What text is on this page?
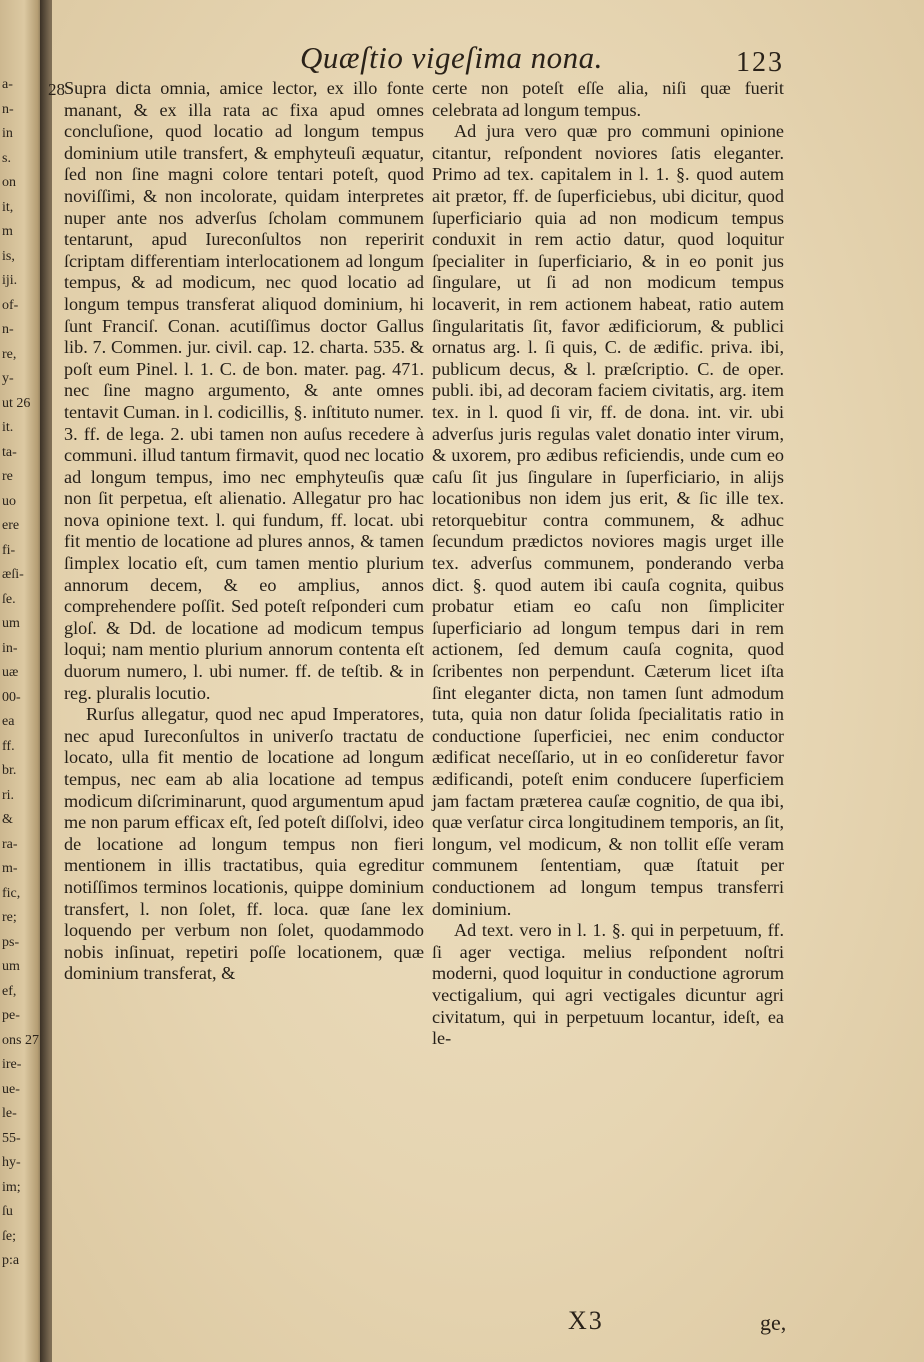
a-
n-
in
s.
on
it,
m
is,
iji.
of-
n-
re,
y-
ut 26
it.
ta-
re
uo
ere
fi-
æſi-
ſe.
um
in-
uæ
00-
ea
ff.
br.
ri.
&
ra-
m-
fic,
re;
ps-
um
ef,
pe-
ons 27
ire-
ue-
le-
55-
hy-
im;
ſu
ſe;
p:a
Quæſtio vigeſima nona.	123
28 Supra dicta omnia, amice lector, ex illo fonte manant, & ex illa rata ac fixa apud omnes concluſione, quod locatio ad longum tempus dominium utile transfert, & emphyteuſi æquatur, ſed non ſine magni colore tentari poteſt, quod noviſſimi, & non incolorate, quidam interpretes nuper ante nos adverſus ſcholam communem tentarunt, apud Iureconſultos non reperirit ſcriptam differentiam interlocationem ad longum tempus, & ad modicum, nec quod locatio ad longum tempus transferat aliquod dominium, hi ſunt Franciſ. Conan. acutiſſimus doctor Gallus lib. 7. Commen. jur. civil. cap. 12. charta. 535. & poſt eum Pinel. l. 1. C. de bon. mater. pag. 471. nec ſine magno argumento, & ante omnes tentavit Cuman. in l. codicillis, §. inſtituto numer. 3. ff. de lega. 2. ubi tamen non auſus recedere à communi. illud tantum firmavit, quod nec locatio ad longum tempus, imo nec emphyteuſis quæ non ſit perpetua, eſt alienatio. Allegatur pro hac nova opinione text. l. qui fundum, ff. locat. ubi fit mentio de locatione ad plures annos, & tamen ſimplex locatio eſt, cum tamen mentio plurium annorum decem, & eo amplius, annos comprehendere poſſit. Sed poteſt reſponderi cum gloſ. & Dd. de locatione ad modicum tempus loqui; nam mentio plurium annorum contenta eſt duorum numero, l. ubi numer. ff. de teſtib. & in reg. pluralis locutio.

Rurſus allegatur, quod nec apud Imperatores, nec apud Iureconſultos in univerſo tractatu de locato, ulla fit mentio de locatione ad longum tempus, nec eam ab alia locatione ad tempus modicum diſcriminarunt, quod argumentum apud me non parum efficax eſt, ſed poteſt diſſolvi, ideo de locatione ad longum tempus non fieri mentionem in illis tractatibus, quia egreditur notiſſimos terminos locationis, quippe dominium transfert, l. non ſolet, ff. loca. quæ ſane lex loquendo per verbum non ſolet, quodammodo nobis inſinuat, repetiri poſſe locationem, quæ dominium transferat, &

certe non poteſt eſſe alia, niſi quæ fuerit celebrata ad longum tempus.

Ad jura vero quæ pro communi opinione citantur, reſpondent noviores ſatis eleganter. Primo ad tex. capitalem in l. 1. §. quod autem ait prætor, ff. de ſuperficiebus, ubi dicitur, quod ſuperficiario quia ad non modicum tempus conduxit in rem actio datur, quod loquitur ſpecialiter in ſuperficiario, & in eo ponit jus ſingulare, ut ſi ad non modicum tempus locaverit, in rem actionem habeat, ratio autem ſingularitatis ſit, favor ædificiorum, & publici ornatus arg. l. ſi quis, C. de ædific. priva. ibi, publicum decus, & l. præſcriptio. C. de oper. publi. ibi, ad decoram faciem civitatis, arg. item tex. in l. quod ſi vir, ff. de dona. int. vir. ubi adverſus juris regulas valet donatio inter virum, & uxorem, pro ædibus reficiendis, unde cum eo caſu ſit jus ſingulare in ſuperficiario, in alijs locationibus non idem jus erit, & ſic ille tex. retorquebitur contra communem, & adhuc ſecundum prædictos noviores magis urget ille tex. adverſus communem, ponderando verba dict. §. quod autem ibi cauſa cognita, quibus probatur etiam eo caſu non ſimpliciter ſuperficiario ad longum tempus dari in rem actionem, ſed demum cauſa cognita, quod ſcribentes non perpendunt. Cæterum licet iſta ſint eleganter dicta, non tamen ſunt admodum tuta, quia non datur ſolida ſpecialitatis ratio in conductione ſuperficiei, nec enim conductor ædificat neceſſario, ut in eo conſideretur favor ædificandi, poteſt enim conducere ſuperficiem jam factam præterea cauſæ cognitio, de qua ibi, quæ verſatur circa longitudinem temporis, an ſit, longum, vel modicum, & non tollit eſſe veram communem ſententiam, quæ ſtatuit per conductionem ad longum tempus transferri dominium.

Ad text. vero in l. 1. §. qui in perpetuum, ff. ſi ager vectiga. melius reſpondent noſtri moderni, quod loquitur in conductione agrorum vectigalium, qui agri vectigales dicuntur agri civitatum, qui in perpetuum locantur, ideſt, ea le-

X3	ge,
